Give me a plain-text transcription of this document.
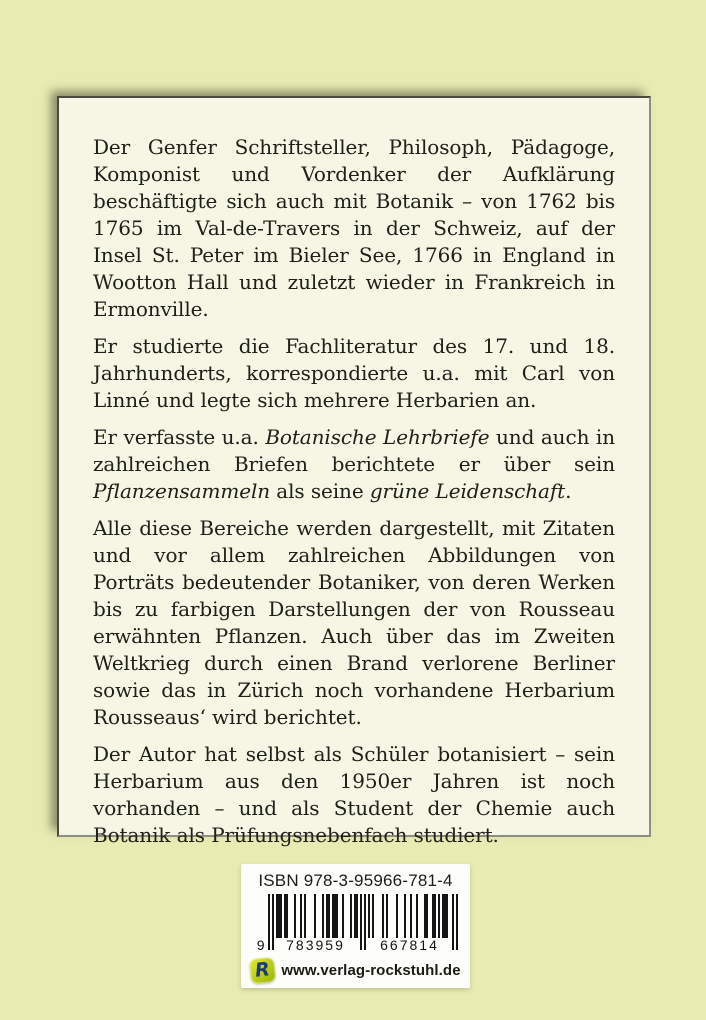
Der Genfer Schriftsteller, Philosoph, Pädagoge, Komponist und Vordenker der Aufklärung beschäftigte sich auch mit Botanik – von 1762 bis 1765 im Val-de-Travers in der Schweiz, auf der Insel St. Peter im Bieler See, 1766 in England in Wootton Hall und zuletzt wieder in Frankreich in Ermonville.

Er studierte die Fachliteratur des 17. und 18. Jahrhunderts, korrespondierte u.a. mit Carl von Linné und legte sich mehrere Herbarien an.

Er verfasste u.a. Botanische Lehrbriefe und auch in zahlreichen Briefen berichtete er über sein Pflanzensammeln als seine grüne Leidenschaft.

Alle diese Bereiche werden dargestellt, mit Zitaten und vor allem zahlreichen Abbildungen von Porträts bedeutender Botaniker, von deren Werken bis zu farbigen Darstellungen der von Rousseau erwähnten Pflanzen. Auch über das im Zweiten Weltkrieg durch einen Brand verlorene Berliner sowie das in Zürich noch vorhandene Herbarium Rousseaus‘ wird berichtet.

Der Autor hat selbst als Schüler botanisiert – sein Herbarium aus den 1950er Jahren ist noch vorhanden – und als Student der Chemie auch Botanik als Prüfungsnebenfach studiert.

ISBN 978-3-95966-781-4
9	783959	667814
R www.verlag-rockstuhl.de
